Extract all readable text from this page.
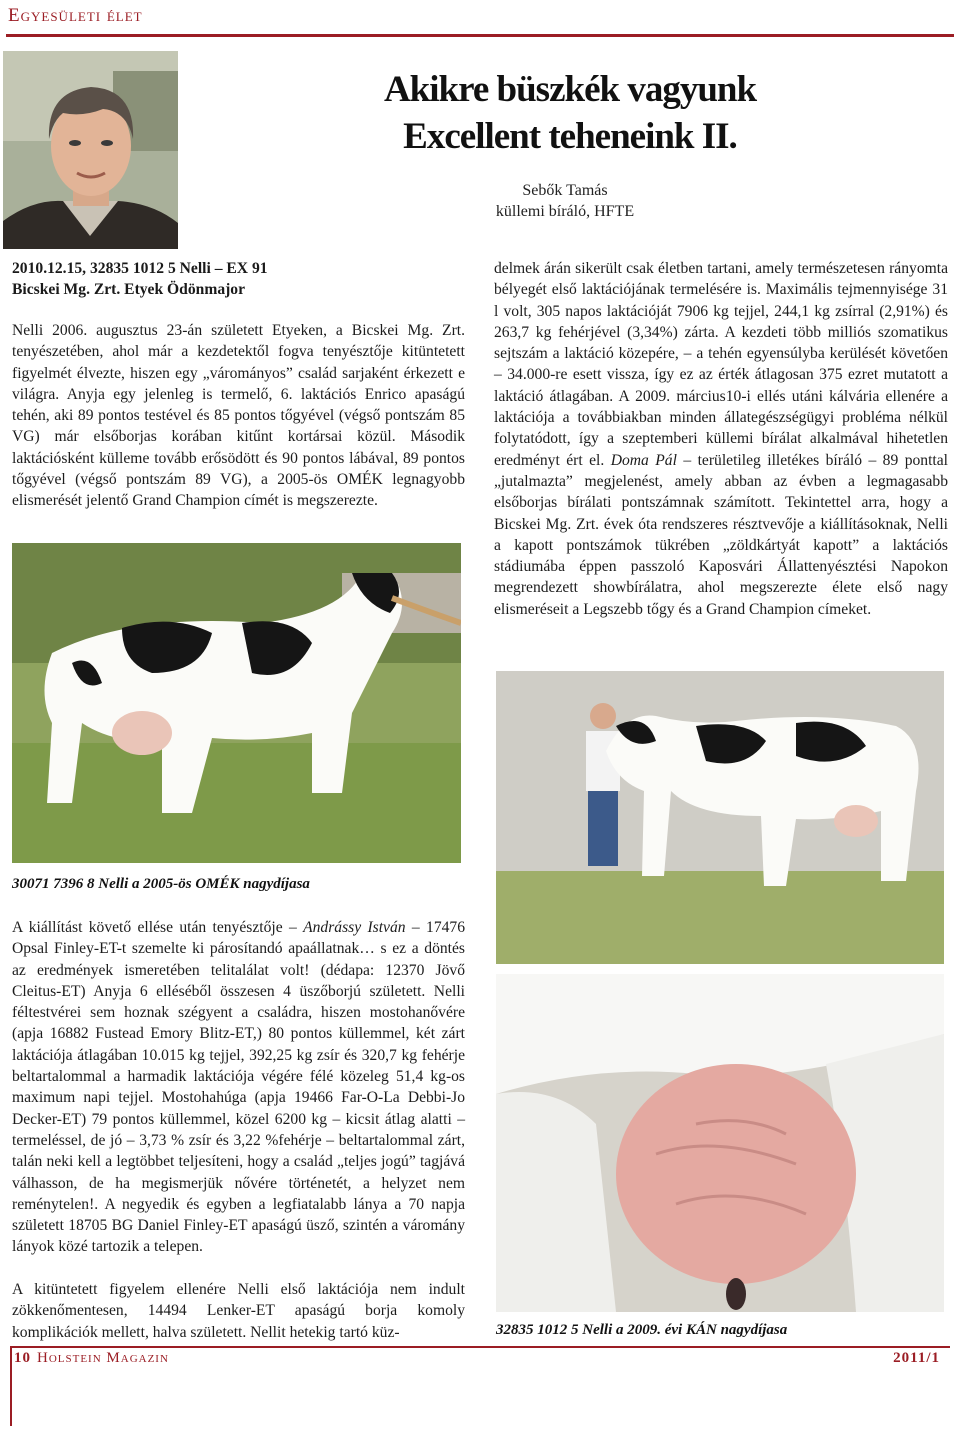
Egyesületi élet
Akikre büszkék vagyunk
Excellent teheneink II.
Sebők Tamás
küllemi bíráló, HFTE
2010.12.15, 32835 1012 5 Nelli – EX 91
Bicskei Mg. Zrt. Etyek Ödönmajor
Nelli 2006. augusztus 23-án született Etyeken, a Bicskei Mg. Zrt. tenyészetében, ahol már a kezdetektől fogva tenyésztője kitüntetett figyelmét élvezte, hiszen egy „várományos” család sarjaként érkezett e világra. Anyja egy jelenleg is termelő, 6. laktációs Enrico apaságú tehén, aki 89 pontos testével és 85 pontos tőgyével (végső pontszám 85 VG) már elsőborjas korában kitűnt kortársai közül. Második laktációsként külleme tovább erősödött és 90 pontos lábával, 89 pontos tőgyével (végső pontszám 89 VG), a 2005-ös OMÉK legnagyobb elismerését jelentő Grand Champion címét is megszerezte.
30071 7396 8 Nelli a 2005-ös OMÉK nagydíjasa
A kiállítást követő ellése után tenyésztője – Andrássy István – 17476 Opsal Finley-ET-t szemelte ki párosítandó apaállatnak… s ez a döntés az eredmények ismeretében telitalálat volt! (dédapa: 12370 Jövő Cleitus-ET) Anyja 6 elléséből összesen 4 üszőborjú született. Nelli féltestvérei sem hoznak szégyent a családra, hiszen mostohanővére (apja 16882 Fustead Emory Blitz-ET,) 80 pontos küllemmel, két zárt laktációja átlagában 10.015 kg tejjel, 392,25 kg zsír és 320,7 kg fehérje beltartalommal a harmadik laktációja végére félé közeleg 51,4 kg-os maximum napi tejjel. Mostohahúga (apja 19466 Far-O-La Debbi-Jo Decker-ET) 79 pontos küllemmel, közel 6200 kg – kicsit átlag alatti – termeléssel, de jó – 3,73 % zsír és 3,22 %fehérje – beltartalommal zárt, talán neki kell a legtöbbet teljesíteni, hogy a család „teljes jogú” tagjává válhasson, de ha megismerjük nővére történetét, a helyzet nem reménytelen!. A negyedik és egyben a legfiatalabb lánya a 70 napja született 18705 BG Daniel Finley-ET apaságú üsző, szintén a váromány lányok közé tartozik a telepen.
A kitüntetett figyelem ellenére Nelli első laktációja nem indult zökkenőmentesen, 14494 Lenker-ET apaságú borja komoly komplikációk mellett, halva született. Nellit hetekig tartó küz-
delmek árán sikerült csak életben tartani, amely természetesen rányomta bélyegét első laktációjának termelésére is. Maximális tejmennyisége 31 l volt, 305 napos laktációját 7906 kg tejjel, 244,1 kg zsírral (2,91%) és 263,7 kg fehérjével (3,34%) zárta. A kezdeti több milliós szomatikus sejtszám a laktáció közepére, – a tehén egyensúlyba kerülését követően – 34.000-re esett vissza, így ez az érték átlagosan 375 ezret mutatott a laktáció átlagában. A 2009. március10-i ellés utáni kálvária ellenére a laktációja a továbbiakban minden állategészségügyi probléma nélkül folytatódott, így a szeptemberi küllemi bírálat alkalmával hihetetlen eredményt ért el. Doma Pál – területileg illetékes bíráló – 89 ponttal „jutalmazta” megjelenést, amely abban az évben a legmagasabb elsőborjas bírálati pontszámnak számított. Tekintettel arra, hogy a Bicskei Mg. Zrt. évek óta rendszeres résztvevője a kiállításoknak, Nelli a kapott pontszámok tükrében „zöldkártyát kapott” a laktációs stádiumába éppen passzoló Kaposvári Állattenyésztési Napokon megrendezett showbírálatra, ahol megszerezte élete első nagy elismeréseit a Legszebb tőgy és a Grand Champion címeket.
32835 1012 5 Nelli a 2009. évi KÁN nagydíjasa
10 Holstein Magazin	2011/1
